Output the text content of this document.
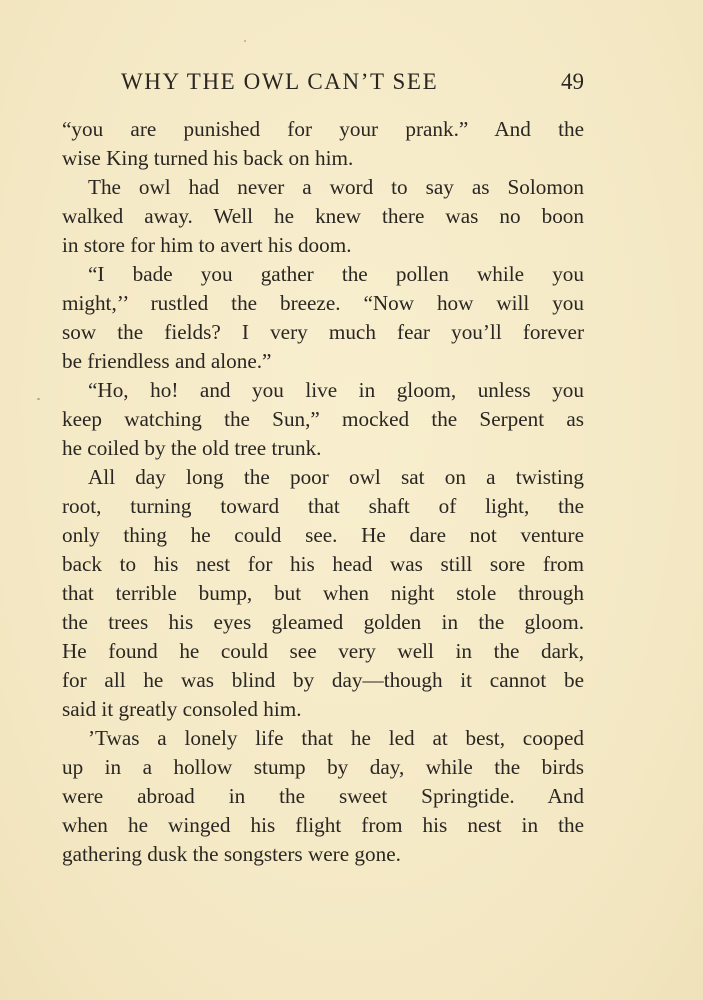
WHY THE OWL CAN’T SEE	49
“you are punished for your prank.” And the
wise King turned his back on him.
The owl had never a word to say as Solomon
walked away. Well he knew there was no boon
in store for him to avert his doom.
“I bade you gather the pollen while you
might,’’ rustled the breeze. “Now how will you
sow the fields? I very much fear you’ll forever
be friendless and alone.”
“Ho, ho! and you live in gloom, unless you
keep watching the Sun,” mocked the Serpent as
he coiled by the old tree trunk.
All day long the poor owl sat on a twisting
root, turning toward that shaft of light, the
only thing he could see. He dare not venture
back to his nest for his head was still sore from
that terrible bump, but when night stole through
the trees his eyes gleamed golden in the gloom.
He found he could see very well in the dark,
for all he was blind by day—though it cannot be
said it greatly consoled him.
’Twas a lonely life that he led at best, cooped
up in a hollow stump by day, while the birds
were abroad in the sweet Springtide. And
when he winged his flight from his nest in the
gathering dusk the songsters were gone.
